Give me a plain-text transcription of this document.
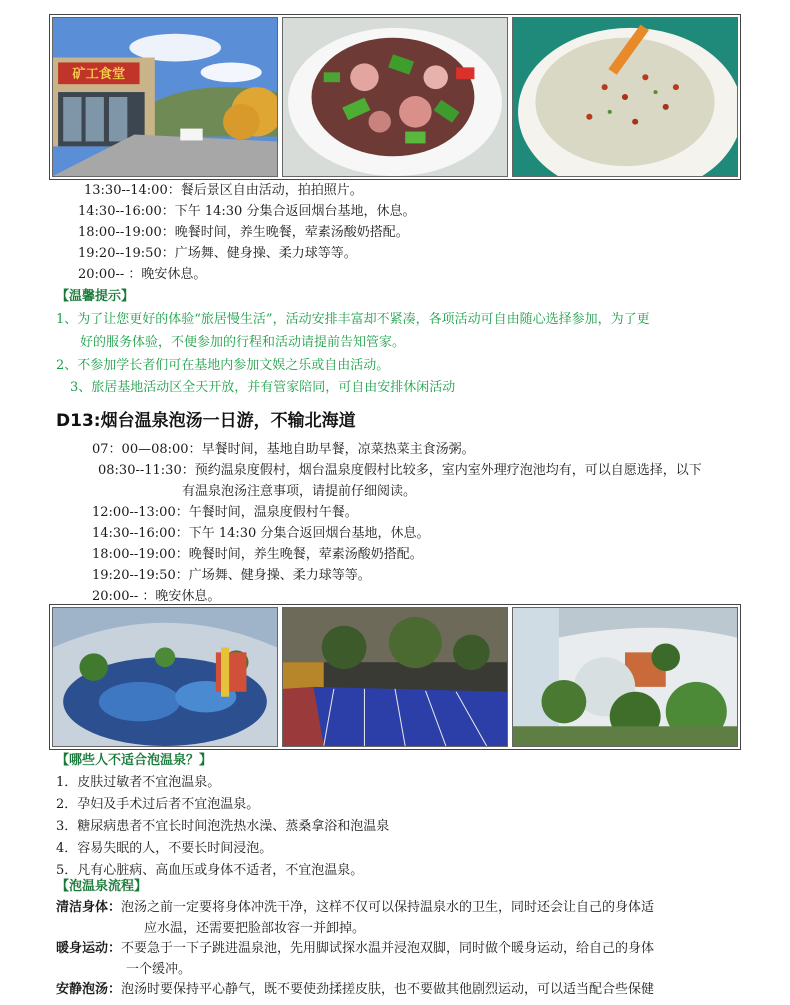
矿工食堂
13:30--14:00：餐后景区自由活动，拍拍照片。
14:30--16:00：下午 14:30 分集合返回烟台基地，休息。
18:00--19:00：晚餐时间，养生晚餐，荤素汤酸奶搭配。
19:20--19:50：广场舞、健身操、柔力球等等。
20:00-- ：晚安休息。
【温馨提示】
1、为了让您更好的体验“旅居慢生活”，活动安排丰富却不紧凑，各项活动可自由随心选择参加，为了更
好的服务体验，不便参加的行程和活动请提前告知管家。
2、不参加学长者们可在基地内参加文娱之乐或自由活动。
3、旅居基地活动区全天开放，并有管家陪同，可自由安排休闲活动
D13:烟台温泉泡汤一日游，不输北海道
07：00—08:00：早餐时间，基地自助早餐，凉菜热菜主食汤粥。
08:30--11:30：预约温泉度假村，烟台温泉度假村比较多，室内室外理疗泡池均有，可以自愿选择，以下
有温泉泡汤注意事项，请提前仔细阅读。
12:00--13:00：午餐时间，温泉度假村午餐。
14:30--16:00：下午 14:30 分集合返回烟台基地，休息。
18:00--19:00：晚餐时间，养生晚餐，荤素汤酸奶搭配。
19:20--19:50：广场舞、健身操、柔力球等等。
20:00-- ：晚安休息。
【哪些人不适合泡温泉？】
1．皮肤过敏者不宜泡温泉。
2．孕妇及手术过后者不宜泡温泉。
3．糖尿病患者不宜长时间泡洗热水澡、蒸桑拿浴和泡温泉
4．容易失眠的人，不要长时间浸泡。
5．凡有心脏病、高血压或身体不适者，不宜泡温泉。
【泡温泉流程】
清洁身体：泡汤之前一定要将身体冲洗干净，这样不仅可以保持温泉水的卫生，同时还会让自己的身体适
应水温，还需要把脸部妆容一并卸掉。
暖身运动：不要急于一下子跳进温泉池，先用脚试探水温并浸泡双脚，同时做个暖身运动，给自己的身体
一个缓冲。
安静泡汤：泡汤时要保持平心静气，既不要使劲揉搓皮肤，也不要做其他剧烈运动，可以适当配合些保健
